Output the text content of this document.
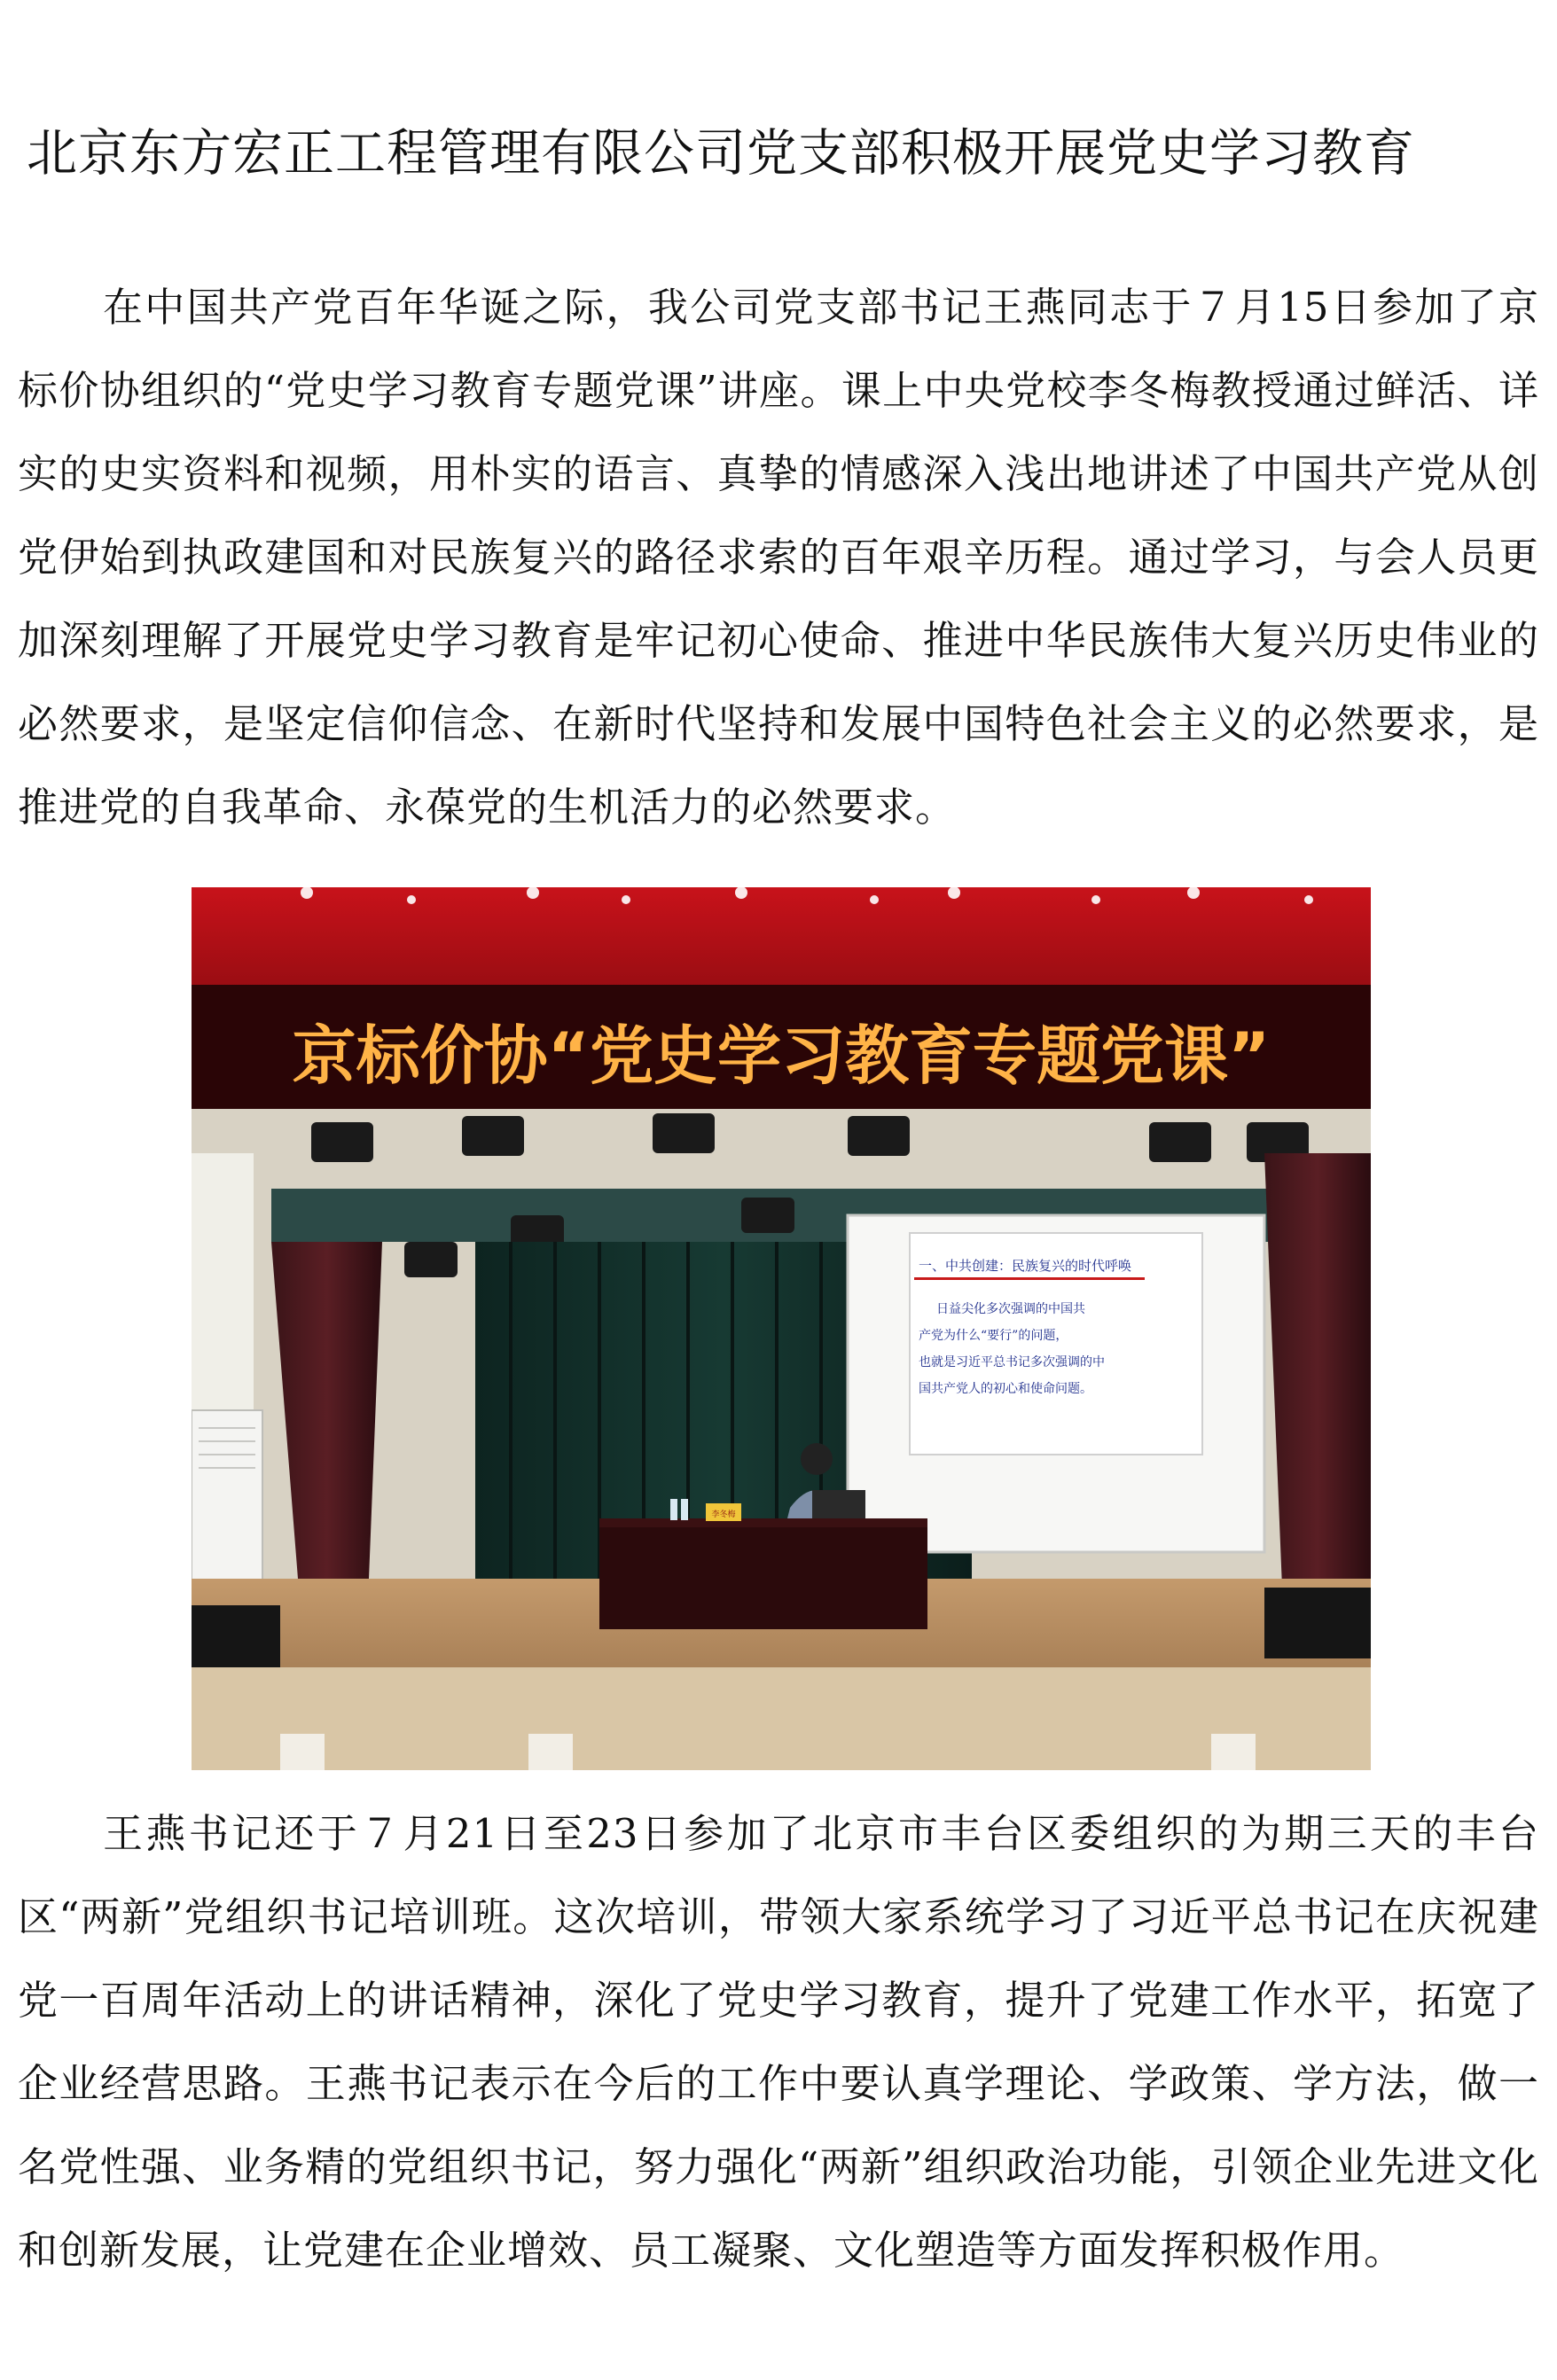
北京东方宏正工程管理有限公司党支部积极开展党史学习教育

在中国共产党百年华诞之际，我公司党支部书记王燕同志于７月15日参加了京标价协组织的“党史学习教育专题党课”讲座。课上中央党校李冬梅教授通过鲜活、详实的史实资料和视频，用朴实的语言、真挚的情感深入浅出地讲述了中国共产党从创党伊始到执政建国和对民族复兴的路径求索的百年艰辛历程。通过学习，与会人员更加深刻理解了开展党史学习教育是牢记初心使命、推进中华民族伟大复兴历史伟业的必然要求，是坚定信仰信念、在新时代坚持和发展中国特色社会主义的必然要求，是推进党的自我革命、永葆党的生机活力的必然要求。

京标价协“党史学习教育专题党课”
一、中共创建：民族复兴的时代呼唤
日益尖化多次强调的中国共
产党为什么“要行”的问题，
也就是习近平总书记多次强调的中
国共产党人的初心和使命问题。
李冬梅

王燕书记还于７月21日至23日参加了北京市丰台区委组织的为期三天的丰台区“两新”党组织书记培训班。这次培训，带领大家系统学习了习近平总书记在庆祝建党一百周年活动上的讲话精神，深化了党史学习教育，提升了党建工作水平，拓宽了企业经营思路。王燕书记表示在今后的工作中要认真学理论、学政策、学方法，做一名党性强、业务精的党组织书记，努力强化“两新”组织政治功能，引领企业先进文化和创新发展，让党建在企业增效、员工凝聚、文化塑造等方面发挥积极作用。
